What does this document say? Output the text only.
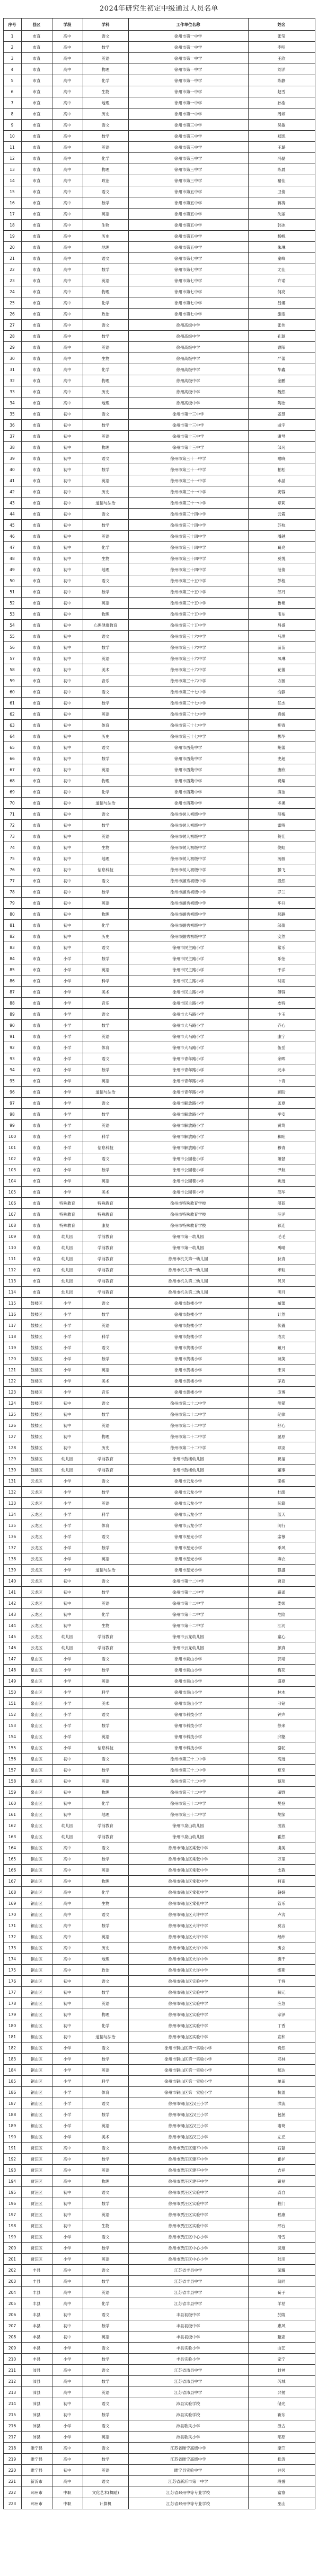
2024年研究生初定中级通过人员名单
序号	县区	学段	学科	工作单位名称	姓名
1	市直	高中	语文	徐州市第一中学	张莹
2	市直	高中	数学	徐州市第一中学	李明
3	市直	高中	英语	徐州市第一中学	王欣
4	市直	高中	物理	徐州市第一中学	刘洋
5	市直	高中	化学	徐州市第一中学	陈静
6	市直	高中	生物	徐州市第一中学	赵雪
7	市直	高中	地理	徐州市第一中学	孙浩
8	市直	高中	历史	徐州市第一中学	周婷
9	市直	高中	语文	徐州市第三中学	吴敏
10	市直	高中	数学	徐州市第三中学	郑凯
11	市直	高中	英语	徐州市第三中学	王璐
12	市直	高中	化学	徐州市第三中学	冯磊
13	市直	高中	物理	徐州市第三中学	陈晨
14	市直	高中	政治	徐州市第三中学	褚佳
15	市直	高中	语文	徐州市第五中学	卫倩
16	市直	高中	数学	徐州市第五中学	蒋涛
17	市直	高中	英语	徐州市第五中学	沈丽
18	市直	高中	生物	徐州市第五中学	韩冰
19	市直	高中	历史	徐州市第五中学	杨帆
20	市直	高中	地理	徐州市第五中学	朱琳
21	市直	高中	语文	徐州市第七中学	秦峰
22	市直	高中	数学	徐州市第七中学	尤佳
23	市直	高中	英语	徐州市第七中学	许诺
24	市直	高中	物理	徐州市第七中学	何亮
25	市直	高中	化学	徐州市第七中学	吕娜
26	市直	高中	政治	徐州市第七中学	施雯
27	市直	高中	语文	徐州高级中学	张伟
28	市直	高中	数学	徐州高级中学	孔颖
29	市直	高中	英语	徐州高级中学	曹阳
30	市直	高中	生物	徐州高级中学	严蕾
31	市直	高中	化学	徐州高级中学	华鑫
32	市直	高中	物理	徐州高级中学	金鹏
33	市直	高中	历史	徐州高级中学	魏然
34	市直	高中	地理	徐州高级中学	陶冶
35	市直	初中	语文	徐州市第十三中学	姜慧
36	市直	初中	数学	徐州市第十三中学	戚宇
37	市直	初中	英语	徐州市第十三中学	谢琴
38	市直	初中	物理	徐州市第十三中学	邹凡
39	市直	初中	语文	徐州市第三十一中学	喻晓
40	市直	初中	数学	徐州市第三十一中学	柏松
41	市直	初中	英语	徐州市第三十一中学	水晶
42	市直	初中	历史	徐州市第三十一中学	窦蓉
43	市直	初中	道德与法治	徐州市第三十一中学	章莉
44	市直	初中	语文	徐州市第三十四中学	云霞
45	市直	初中	数学	徐州市第三十四中学	苏杭
46	市直	初中	英语	徐州市第三十四中学	潘越
47	市直	初中	化学	徐州市第三十四中学	葛亮
48	市直	初中	生物	徐州市第三十四中学	奚悦
49	市直	初中	地理	徐州市第三十四中学	范倩
50	市直	初中	语文	徐州市第三十五中学	彭程
51	市直	初中	数学	徐州市第三十五中学	郎月
52	市直	初中	英语	徐州市第三十五中学	鲁艳
53	市直	初中	物理	徐州市第三十五中学	韦东
54	市直	初中	心理健康教育	徐州市第三十五中学	昌盛
55	市直	初中	语文	徐州市第三十六中学	马琪
56	市直	初中	数学	徐州市第三十六中学	苗苗
57	市直	初中	英语	徐州市第三十六中学	凤琳
58	市直	初中	美术	徐州市第三十六中学	花蕾
59	市直	初中	音乐	徐州市第三十六中学	方圆
60	市直	初中	语文	徐州市第三十七中学	俞静
61	市直	初中	数学	徐州市第三十七中学	任杰
62	市直	初中	英语	徐州市第三十七中学	袁媛
63	市直	初中	体育	徐州市第三十七中学	柳青
64	市直	初中	历史	徐州市第三十七中学	酆华
65	市直	初中	语文	徐州市西苑中学	鲍蕾
66	市直	初中	数学	徐州市西苑中学	史超
67	市直	初中	英语	徐州市西苑中学	唐欣
68	市直	初中	物理	徐州市西苑中学	费翔
69	市直	初中	化学	徐州市西苑中学	廉洁
70	市直	初中	道德与法治	徐州市西苑中学	岑溪
71	市直	初中	语文	徐州市树人初级中学	薛梅
72	市直	初中	数学	徐州市树人初级中学	雷鸣
73	市直	初中	英语	徐州市树人初级中学	贺佳
74	市直	初中	生物	徐州市树人初级中学	倪虹
75	市直	初中	地理	徐州市树人初级中学	汤圆
76	市直	初中	信息科技	徐州市树人初级中学	滕飞
77	市直	初中	语文	徐州市撷秀初级中学	殷然
78	市直	初中	数学	徐州市撷秀初级中学	罗兰
79	市直	初中	英语	徐州市撷秀初级中学	毕升
80	市直	初中	物理	徐州市撷秀初级中学	郝静
81	市直	初中	化学	徐州市撷秀初级中学	邬倩
82	市直	初中	历史	徐州市撷秀初级中学	安然
83	市直	初中	语文	徐州市民主路小学	常乐
84	市直	小学	数学	徐州市民主路小学	乐怡
85	市直	小学	英语	徐州市民主路小学	于洋
86	市直	小学	科学	徐州市民主路小学	时雨
87	市直	小学	美术	徐州市民主路小学	傅蓉
88	市直	小学	音乐	徐州市民主路小学	皮特
89	市直	小学	语文	徐州市大马路小学	卞玉
90	市直	小学	数学	徐州市大马路小学	齐心
91	市直	小学	英语	徐州市大马路小学	康宁
92	市直	小学	体育	徐州市大马路小学	伍岳
93	市直	小学	语文	徐州市青年路小学	余晖
94	市直	小学	数学	徐州市青年路小学	元丰
95	市直	小学	英语	徐州市青年路小学	卜青
96	市直	小学	道德与法治	徐州市青年路小学	顾盼
97	市直	小学	语文	徐州市解放路小学	孟夏
98	市直	小学	数学	徐州市解放路小学	平安
99	市直	小学	英语	徐州市解放路小学	黄莺
100	市直	小学	科学	徐州市解放路小学	和睦
101	市直	小学	信息科技	徐州市解放路小学	穆青
102	市直	小学	语文	徐州市公园巷小学	萧瑟
103	市直	小学	数学	徐州市公园巷小学	尹航
104	市直	小学	英语	徐州市公园巷小学	姚远
105	市直	小学	美术	徐州市公园巷小学	邵华
106	市直	特殊教育	特殊教育	徐州市特殊教育学校	湛蓝
107	市直	特殊教育	特殊教育	徐州市特殊教育学校	汪洋
108	市直	特殊教育	康复	徐州市特殊教育学校	祁连
109	市直	幼儿园	学前教育	徐州市第一幼儿园	毛毛
110	市直	幼儿园	学前教育	徐州市第一幼儿园	禹晴
111	市直	幼儿园	学前教育	徐州市机关第一幼儿园	狄青
112	市直	幼儿园	学前教育	徐州市机关第一幼儿园	米粒
113	市直	幼儿园	学前教育	徐州市机关第二幼儿园	贝贝
114	市直	幼儿园	学前教育	徐州市机关第二幼儿园	明月
115	鼓楼区	小学	语文	徐州市鼓楼小学	臧蕾
116	鼓楼区	小学	数学	徐州市鼓楼小学	计然
117	鼓楼区	小学	英语	徐州市鼓楼小学	伏羲
118	鼓楼区	小学	科学	徐州市鼓楼小学	成功
119	鼓楼区	小学	语文	徐州市黄楼小学	戴月
120	鼓楼区	小学	数学	徐州市黄楼小学	谈笑
121	鼓楼区	小学	英语	徐州市黄楼小学	宋词
122	鼓楼区	小学	美术	徐州市黄楼小学	茅盾
123	鼓楼区	小学	音乐	徐州市黄楼小学	庞博
124	鼓楼区	初中	语文	徐州市第二十二中学	熊猫
125	鼓楼区	初中	数学	徐州市第二十二中学	纪律
126	鼓楼区	初中	英语	徐州市第二十二中学	舒心
127	鼓楼区	初中	物理	徐州市第二十二中学	屈原
128	鼓楼区	初中	历史	徐州市第二十二中学	项羽
129	鼓楼区	幼儿园	学前教育	徐州市鼓楼幼儿园	祝福
130	鼓楼区	幼儿园	学前教育	徐州市鼓楼幼儿园	董事
131	云龙区	小学	语文	徐州市云龙小学	梁栋
132	云龙区	小学	数学	徐州市云龙小学	杜鹃
133	云龙区	小学	英语	徐州市云龙小学	阮籍
134	云龙区	小学	科学	徐州市云龙小学	蓝天
135	云龙区	小学	体育	徐州市云龙小学	闵行
136	云龙区	小学	语文	徐州市星光小学	席慕
137	云龙区	小学	数学	徐州市星光小学	季风
138	云龙区	小学	英语	徐州市星光小学	麻衣
139	云龙区	小学	道德与法治	徐州市星光小学	强盛
140	云龙区	初中	语文	徐州市第十二中学	贾岛
141	云龙区	初中	数学	徐州市第十二中学	路遥
142	云龙区	初中	英语	徐州市第十二中学	娄烦
143	云龙区	初中	化学	徐州市第十二中学	危险
144	云龙区	初中	生物	徐州市第十二中学	江河
145	云龙区	幼儿园	学前教育	徐州市云龙幼儿园	童心
146	云龙区	幼儿园	学前教育	徐州市云龙幼儿园	颜真
147	泉山区	小学	语文	徐州市泉山小学	郭靖
148	泉山区	小学	数学	徐州市泉山小学	梅花
149	泉山区	小学	英语	徐州市泉山小学	盛夏
150	泉山区	小学	科学	徐州市泉山小学	林木
151	泉山区	小学	美术	徐州市泉山小学	刁钻
152	泉山区	小学	语文	徐州市科技小学	钟声
153	泉山区	小学	数学	徐州市科技小学	徐来
154	泉山区	小学	英语	徐州市科技小学	邱壑
155	泉山区	小学	信息科技	徐州市科技小学	骆驼
156	泉山区	初中	语文	徐州市第三十二中学	高远
157	泉山区	初中	数学	徐州市第三十二中学	夏至
158	泉山区	初中	英语	徐州市第三十二中学	蔡琰
159	泉山区	初中	物理	徐州市第三十二中学	田野
160	泉山区	初中	化学	徐州市第三十二中学	樊登
161	泉山区	初中	地理	徐州市第三十二中学	胡笳
162	泉山区	幼儿园	学前教育	徐州市泉山幼儿园	凌波
163	泉山区	幼儿园	学前教育	徐州市泉山幼儿园	霍然
164	铜山区	高中	语文	徐州市铜山区棠张中学	虞美
165	铜山区	高中	数学	徐州市铜山区棠张中学	万里
166	铜山区	高中	英语	徐州市铜山区棠张中学	支教
167	铜山区	高中	物理	徐州市铜山区棠张中学	柯南
168	铜山区	高中	化学	徐州市铜山区棠张中学	昝妍
169	铜山区	高中	生物	徐州市铜山区棠张中学	管乐
170	铜山区	高中	语文	徐州市铜山区大许中学	卢沟
171	铜山区	高中	数学	徐州市铜山区大许中学	莫言
172	铜山区	高中	英语	徐州市铜山区大许中学	经纬
173	铜山区	高中	历史	徐州市铜山区大许中学	房玄
174	铜山区	高中	地理	徐州市铜山区大许中学	裘千
175	铜山区	高中	政治	徐州市铜山区大许中学	缪斯
176	铜山区	初中	语文	徐州市铜山区实验中学	干将
177	铜山区	初中	数学	徐州市铜山区实验中学	解元
178	铜山区	初中	英语	徐州市铜山区实验中学	应急
179	铜山区	初中	物理	徐州市铜山区实验中学	宗泽
180	铜山区	初中	化学	徐州市铜山区实验中学	丁香
181	铜山区	初中	道德与法治	徐州市铜山区实验中学	宣和
182	铜山区	小学	语文	徐州市铜山区第一实验小学	贲然
183	铜山区	小学	数学	徐州市铜山区第一实验小学	邓林
184	铜山区	小学	英语	徐州市铜山区第一实验小学	郁达
185	铜山区	小学	科学	徐州市铜山区第一实验小学	单田
186	铜山区	小学	体育	徐州市铜山区第一实验小学	杭盖
187	铜山区	小学	语文	徐州市铜山区汉王小学	洪流
188	铜山区	小学	数学	徐州市铜山区汉王小学	包拯
189	铜山区	小学	英语	徐州市铜山区汉王小学	诸葛
190	铜山区	小学	美术	徐州市铜山区汉王小学	左丘
191	贾汪区	高中	语文	徐州市贾汪区建平中学	石磊
192	贾汪区	高中	数学	徐州市贾汪区建平中学	崔护
193	贾汪区	高中	英语	徐州市贾汪区建平中学	吉祥
194	贾汪区	高中	物理	徐州市贾汪区建平中学	钮祜
195	贾汪区	初中	语文	徐州市贾汪区实验中学	龚自
196	贾汪区	初中	数学	徐州市贾汪区实验中学	程门
197	贾汪区	初中	英语	徐州市贾汪区实验中学	嵇康
198	贾汪区	初中	生物	徐州市贾汪区实验中学	邢台
199	贾汪区	小学	语文	徐州市贾汪区中心小学	滑雪
200	贾汪区	小学	数学	徐州市贾汪区中心小学	裴度
201	贾汪区	小学	英语	徐州市贾汪区中心小学	陆羽
202	丰县	高中	语文	江苏省丰县中学	荣耀
203	丰县	高中	数学	江苏省丰县中学	翁同
204	丰县	高中	英语	江苏省丰县中学	荀子
205	丰县	高中	化学	江苏省丰县中学	羊祜
206	丰县	初中	语文	丰县初级中学	於陵
207	丰县	初中	数学	丰县初级中学	惠风
208	丰县	初中	英语	丰县初级中学	甄宓
209	丰县	小学	语文	丰县实验小学	曲艺
210	丰县	小学	数学	丰县实验小学	家宁
211	沛县	高中	语文	江苏省沛县中学	封神
212	沛县	高中	数学	江苏省沛县中学	芮城
213	沛县	高中	英语	江苏省沛县中学	羿射
214	沛县	初中	语文	沛县实验学校	储光
215	沛县	初中	数学	沛县实验学校	靳东
216	沛县	小学	语文	沛县歌风小学	汲古
217	沛县	小学	英语	沛县歌风小学	邴原
218	睢宁县	高中	语文	江苏省睢宁高级中学	糜竺
219	睢宁县	高中	数学	江苏省睢宁高级中学	松涛
220	睢宁县	初中	英语	睢宁县实验中学	井冈
221	新沂市	高中	语文	江苏省新沂市第一中学	段誉
222	邳州市	中职	文化艺术(舞蹈)	江苏省邳州中等专业学校	富察
223	邳州市	中职	计算机	江苏省邳州中等专业学校	巫山
